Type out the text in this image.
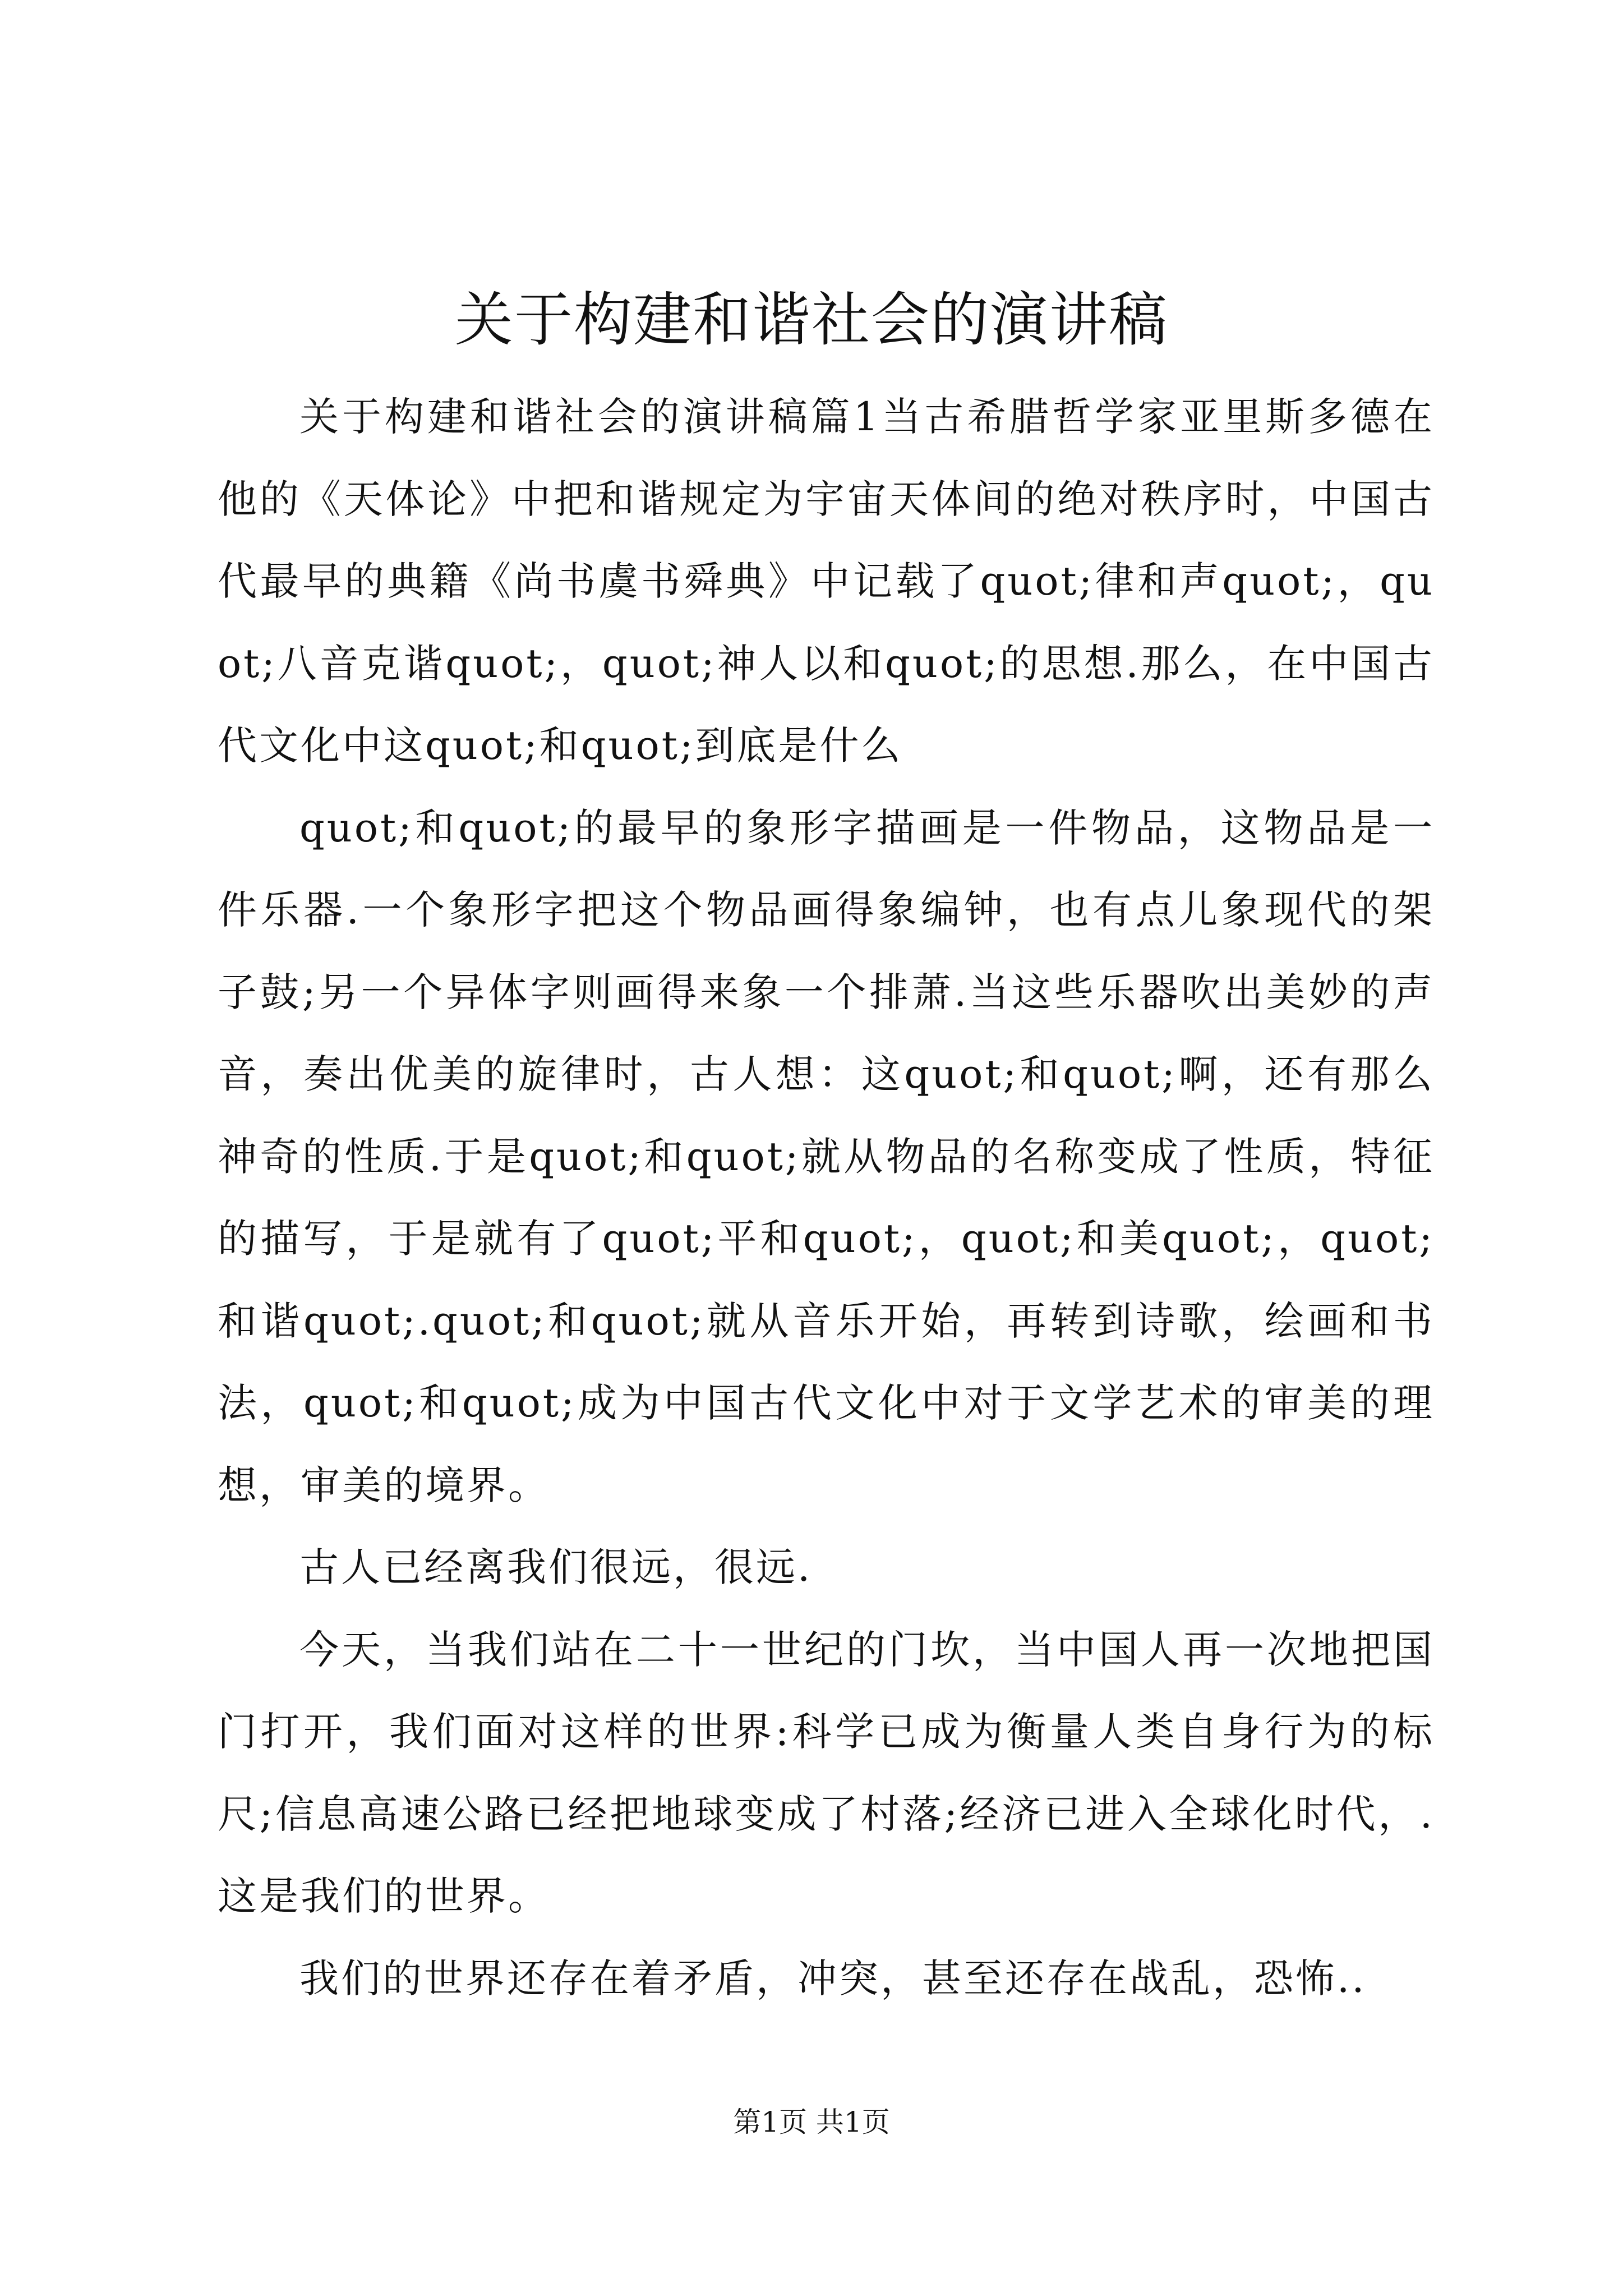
关于构建和谐社会的演讲稿

关于构建和谐社会的演讲稿篇1当古希腊哲学家亚里斯多德在他的《天体论》中把和谐规定为宇宙天体间的绝对秩序时，中国古代最早的典籍《尚书虞书舜典》中记载了quot;律和声quot;，quot;八音克谐quot;，quot;神人以和quot;的思想.那么，在中国古代文化中这quot;和quot;到底是什么

quot;和quot;的最早的象形字描画是一件物品，这物品是一件乐器.一个象形字把这个物品画得象编钟，也有点儿象现代的架子鼓;另一个异体字则画得来象一个排萧.当这些乐器吹出美妙的声音，奏出优美的旋律时，古人想：这quot;和quot;啊，还有那么神奇的性质.于是quot;和quot;就从物品的名称变成了性质，特征的描写，于是就有了quot;平和quot;，quot;和美quot;，quot;和谐quot;.quot;和quot;就从音乐开始，再转到诗歌，绘画和书法，quot;和quot;成为中国古代文化中对于文学艺术的审美的理想，审美的境界。

古人已经离我们很远，很远.

今天，当我们站在二十一世纪的门坎，当中国人再一次地把国门打开，我们面对这样的世界:科学已成为衡量人类自身行为的标尺;信息高速公路已经把地球变成了村落;经济已进入全球化时代，.这是我们的世界。

我们的世界还存在着矛盾，冲突，甚至还存在战乱，恐怖..

第1页 共1页
